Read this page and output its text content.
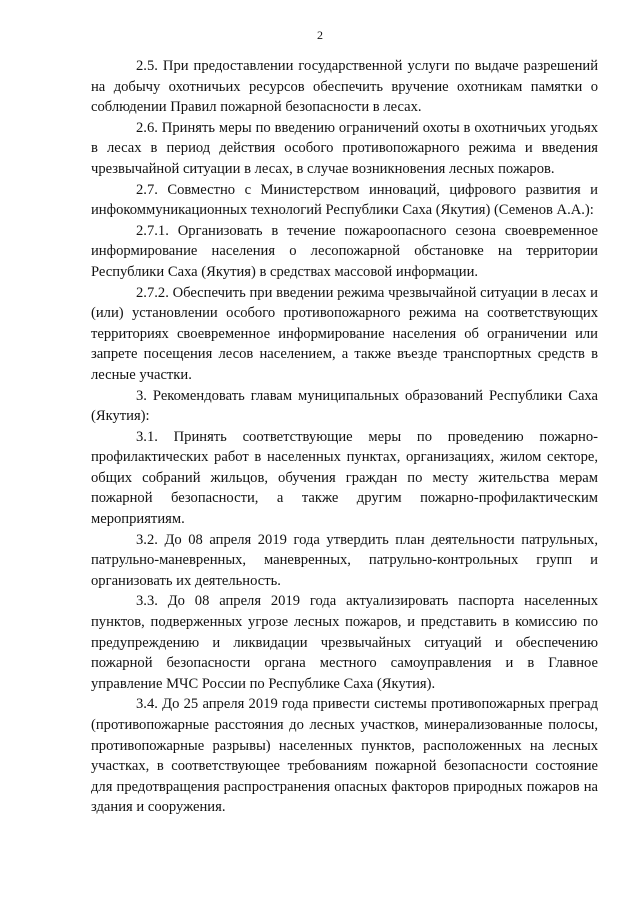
2

2.5. При предоставлении государственной услуги по выдаче разрешений на добычу охотничьих ресурсов обеспечить вручение охотникам памятки о соблюдении Правил пожарной безопасности в лесах.

2.6. Принять меры по введению ограничений охоты в охотничьих угодьях в лесах в период действия особого противопожарного режима и введения чрезвычайной ситуации в лесах, в случае возникновения лесных пожаров.

2.7. Совместно с Министерством инноваций, цифрового развития и инфокоммуникационных технологий Республики Саха (Якутия) (Семенов А.А.):

2.7.1. Организовать в течение пожароопасного сезона своевременное информирование населения о лесопожарной обстановке на территории Республики Саха (Якутия) в средствах массовой информации.

2.7.2. Обеспечить при введении режима чрезвычайной ситуации в лесах и (или) установлении особого противопожарного режима на соответствующих территориях своевременное информирование населения об ограничении или запрете посещения лесов населением, а также въезде транспортных средств в лесные участки.

3. Рекомендовать главам муниципальных образований Республики Саха (Якутия):

3.1. Принять соответствующие меры по проведению пожарно-профилактических работ в населенных пунктах, организациях, жилом секторе, общих собраний жильцов, обучения граждан по месту жительства мерам пожарной безопасности, а также другим пожарно-профилактическим мероприятиям.

3.2. До 08 апреля 2019 года утвердить план деятельности патрульных, патрульно-маневренных, маневренных, патрульно-контрольных групп и организовать их деятельность.

3.3. До 08 апреля 2019 года актуализировать паспорта населенных пунктов, подверженных угрозе лесных пожаров, и представить в комиссию по предупреждению и ликвидации чрезвычайных ситуаций и обеспечению пожарной безопасности органа местного самоуправления и в Главное управление МЧС России по Республике Саха (Якутия).

3.4. До 25 апреля 2019 года привести системы противопожарных преград (противопожарные расстояния до лесных участков, минерализованные полосы, противопожарные разрывы) населенных пунктов, расположенных на лесных участках, в соответствующее требованиям пожарной безопасности состояние для предотвращения распространения опасных факторов природных пожаров на здания и сооружения.
